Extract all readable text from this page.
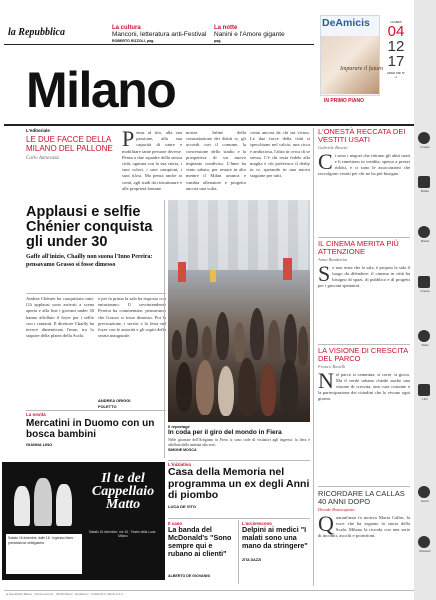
la Repubblica	La cultura
Manconi, letteratura anti-Festival
ROBERTO RIZZOLI, pag.
La notte
Nanini e l'Amore gigante
pag.
Milano
DeAmicis
Imparare il futuro
IN PRIMO PIANO
LUNEDÌ
04
12
17
ANNO XXII N° 1
L'editoriale
LE DUE FACCE DELLA MILANO DEL PALLONE
Carlo Annovazzi
Pensa al tifo, alla sua passione, alla sua capacità di unire e mobilitare tante persone diverse. Pensa a due squadre della stessa città, ognuna con la sua storia, i suoi colori, i suoi campioni, i suoi tifosi. Ma pensa anche ai conti, agli stadi da ristrutturare e alle proprietà lontane.
nostre. Infine della contrattazione dei diritti tv, gli accordi con il comune, la concessione dello stadio e la prospettiva di un nuovo impianto condiviso. L'Inter ha vinto sabato, per restare in alto mentre il Milan arranca e cambia allenatore e progetto ancora una volta.
conta ancora da chi sta vicino. Le due facce della città si specchiano nel calcio, una ricca e ambiziosa, l'altra in cerca di se stessa. C'è chi resta fedele alla maglia e chi preferisce il derby in tv, sperando in una nuova stagione per tutti.
Applausi e selfie Chénier conquista gli under 30
Gaffe all'inizio, Chailly non suona l'Inno Pereira: pensavamo Grasso si fosse dimesso
Andrea Chénier ha conquistato tutti. Gli applausi sono arrivati a scena aperta e alla fine i giovani under 30 hanno affollato il foyer per i selfie con i cantanti. Il direttore Chailly ha invece dimenticato l'inno, tra lo stupore della platea della Scala.
e per la prima la sala ha risposto con entusiasmo. Il sovrintendente Pereira ha commentato: pensavamo che Grasso si fosse dimesso. Poi la precisazione, i sorrisi e la festa nel foyer con le autorità e gli ospiti della serata inaugurale.
ANDREA ORIGGI
FOLETTO
La novità
Mercatini in Duomo con un bosca bambini
GIANNA LINO
Il reportage
In coda per il giro del mondo in Fiera
Nelle giornate dell'Artigiano in Fiera ci sono code di visitatori agli ingressi: la fiera è affollata dalla mattina alla sera.
SIMONE MOSCA
L'iniziativa
Casa della Memoria nel programma un ex degli Anni di piombo
LUCA DE VITO
Il caso
La banda del McDonald's "Sono sempre qui e rubano ai clienti"
ALBERTO DE GIOVANNI
L'arcivescovo
Delpini ai medici "I malati sono una mano da stringere"
ZITA DAZZI
Sabato 16 dicembre, dalle 16 · Ingresso libero · prenotazione obbligatoria
Il te del Cappellaio Matto
Sabato 16 dicembre, ore 16 · Teatro della Luna · Milano
L'ONESTÀ RECCATA DEI VESTITI USATI
Gabriele Busetti
Ci sono i negozi che ritirano gli abiti usati e li rimettono in vendita, spesso a prezzi ridotti, e ci sono le associazioni che raccolgono vestiti per chi ne ha più bisogno.
IL CINEMA MERITA PIÙ ATTENZIONE
Anna Bandettini
Se non resta che la sala, è proprio la sala il luogo da difendere: il cinema in città ha bisogno di spazi, di pubblico e di progetti per i giovani spettatori.
LA VISIONE DI CRESCITA DEL PARCO
Franco Bonelli
Nel parco si cammina, si corre, si gioca. Ma il verde urbano chiede anche una visione di crescita, una cura costante e la partecipazione dei cittadini che lo vivono ogni giorno.
RICORDARE LA CALLAS 40 ANNI DOPO
Davide Bonacquista
Quarant'anni fa moriva Maria Callas, la voce che ha segnato la storia della Scala. Milano la ricorda con una serie di incontri, ascolti e proiezioni.
Il meteo
Mostre
Musica
Cinema
Teatro
Libri
Eventi
Ristoranti
la Repubblica Milano · Via Nervesa 21 · 20139 Milano · Redazione · Pubblicità A. Manzoni & C.
